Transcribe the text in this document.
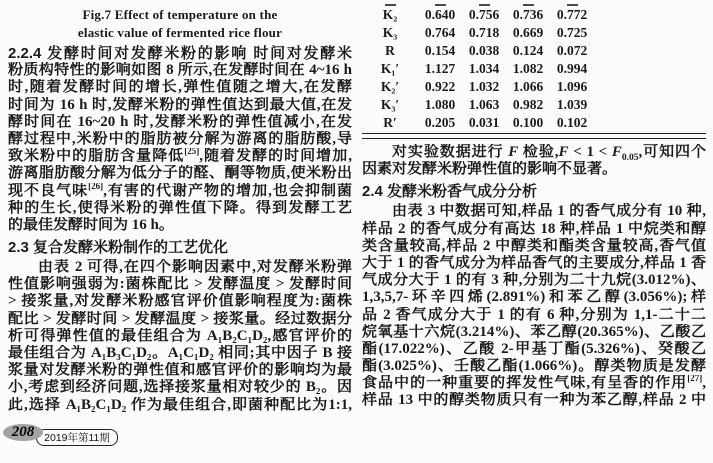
Fig.7 Effect of temperature on the
elastic value of fermented rice flour
2.2.4 发酵时间对发酵米粉的影响 时间对发酵米
粉质构特性的影响如图 8 所示,在发酵时间在 4~16 h
时,随着发酵时间的增长,弹性值随之增大,在发酵
时间为 16 h 时,发酵米粉的弹性值达到最大值,在发
酵时间在 16~20 h 时,发酵米粉的弹性值减小,在发
酵过程中,米粉中的脂肪被分解为游离的脂肪酸,导
致米粉中的脂肪含量降低[25],随着发酵的时间增加,
游离脂肪酸分解为低分子的醛、酮等物质,使米粉出
现不良气味[26],有害的代谢产物的增加,也会抑制菌
种的生长,使得米粉的弹性值下降。得到发酵工艺
的最佳发酵时间为 16 h。
2.3 复合发酵米粉制作的工艺优化
由表 2 可得,在四个影响因素中,对发酵米粉弹
性值影响强弱为:菌株配比 > 发酵温度 > 发酵时间
> 接浆量,对发酵米粉感官评价值影响程度为:菌株
配比 > 发酵时间 > 发酵温度 > 接浆量。经过数据分
析可得弹性值的最佳组合为 A₁B₂C₁D₂,感官评价的
最佳组合为 A₁B₃C₁D₂。A₁C₁D₂ 相同;其中因子 B 接
浆量对发酵米粉的弹性值和感官评价的影响均为最
小,考虑到经济问题,选择接浆量相对较少的 B₂。因
此,选择 A₁B₂C₁D₂ 作为最佳组合,即菌种配比为1:1,
K₂	0.640	0.756	0.736	0.772
K₃	0.764	0.718	0.669	0.725
R	0.154	0.038	0.124	0.072
K₁′	1.127	1.034	1.082	0.994
K₂′	0.922	1.032	1.066	1.096
K₃′	1.080	1.063	0.982	1.039
R′	0.205	0.031	0.100	0.102
对实验数据进行 F 检验$,F < 1 < F_{0.05}$,可知四个
因素对发酵米粉弹性值的影响不显著。
2.4 发酵米粉香气成分分析
由表 3 中数据可知,样品 1 的香气成分有 10 种,
样品 2 的香气成分有高达 18 种,样品 1 中烷类和醇
类含量较高,样品 2 中醇类和酯类含量较高,香气值
大于 1 的香气成分为样品香气的主要成分,样品 1 香
气成分大于 1 的有 3 种,分别为二十九烷(3.012%)、
1,3,5,7-环辛四烯(2.891%)和苯乙醇(3.056%);样
品 2 香气成分大于 1 的有 6 种,分别为 1,1-二十二
烷氧基十六烷(3.214%)、苯乙醇(20.365%)、乙酸乙
酯(17.022%)、乙酸 2-甲基丁酯(5.326%)、癸酸乙
酯(3.025%)、壬酸乙酯(1.066%)。醇类物质是发酵
食品中的一种重要的挥发性气味,有呈香的作用[27],
样品 13 中的醇类物质只有一种为苯乙醇,样品 2 中
2019年第11期
208
